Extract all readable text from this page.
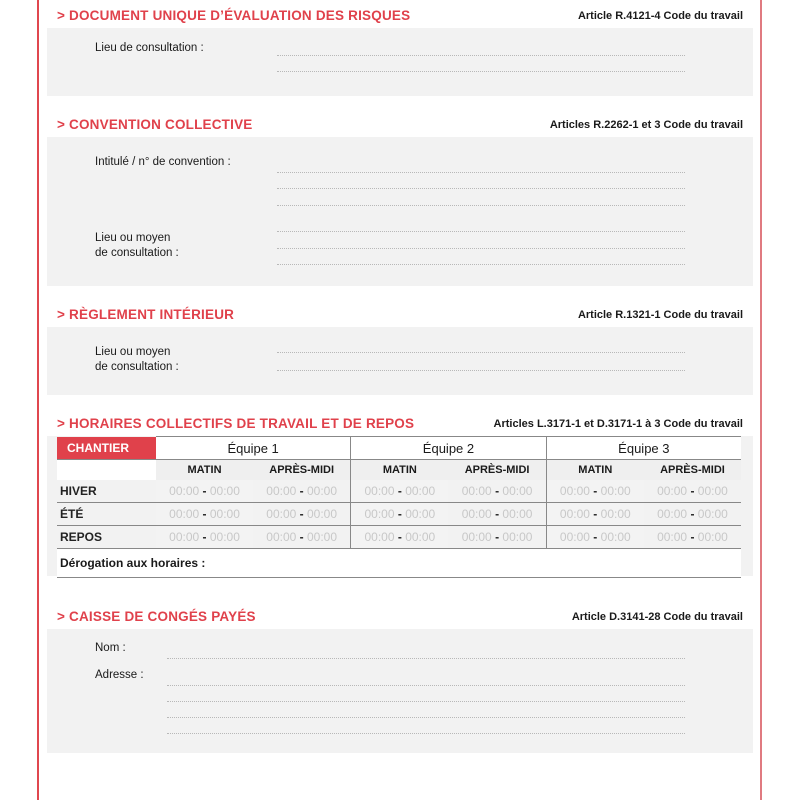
> DOCUMENT UNIQUE D’ÉVALUATION DES RISQUES	Article R.4121-4 Code du travail
Lieu de consultation :
> CONVENTION COLLECTIVE	Articles R.2262-1 et 3 Code du travail
Intitulé / n° de convention :
Lieu ou moyen
de consultation :
> RÈGLEMENT INTÉRIEUR	Article R.1321-1 Code du travail
Lieu ou moyen
de consultation :
> HORAIRES COLLECTIFS DE TRAVAIL ET DE REPOS	Articles L.3171-1 et D.3171-1 à 3 Code du travail
CHANTIER	Équipe 1		Équipe 2		Équipe 3	
	MATIN	APRÈS-MIDI	MATIN	APRÈS-MIDI	MATIN	APRÈS-MIDI
HIVER	00:00 - 00:00	00:00 - 00:00	00:00 - 00:00	00:00 - 00:00	00:00 - 00:00	00:00 - 00:00
ÉTÉ	00:00 - 00:00	00:00 - 00:00	00:00 - 00:00	00:00 - 00:00	00:00 - 00:00	00:00 - 00:00
REPOS	00:00 - 00:00	00:00 - 00:00	00:00 - 00:00	00:00 - 00:00	00:00 - 00:00	00:00 - 00:00
Dérogation aux horaires :						
> CAISSE DE CONGÉS PAYÉS	Article D.3141-28 Code du travail
Nom :
Adresse :
